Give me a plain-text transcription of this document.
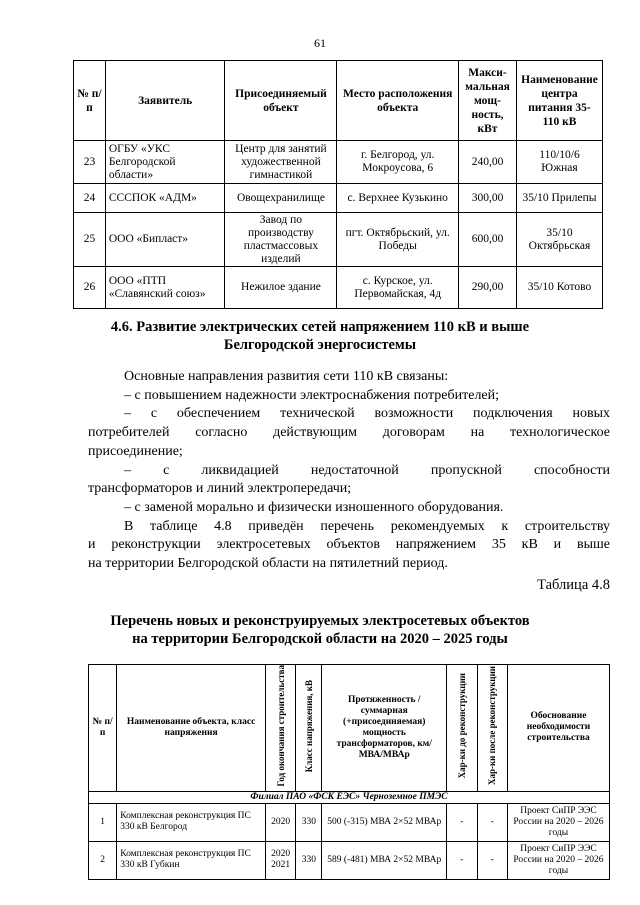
61
№ п/п	Заявитель	Присоединяемый объект	Место расположения объекта	Макси-мальная мощ-ность, кВт	Наименование центра питания 35-110 кВ
23	ОГБУ «УКС Белгородской области»	Центр для занятий художественной гимнастикой	г. Белгород, ул. Мокроусова, 6	240,00	110/10/6 Южная
24	СССПОК «АДМ»	Овощехранилище	с. Верхнее Кузькино	300,00	35/10 Прилепы
25	ООО «Бипласт»	Завод по производству пластмассовых изделий	пгт. Октябрьский, ул. Победы	600,00	35/10 Октябрьская
26	ООО «ПТП «Славянский союз»	Нежилое здание	с. Курское, ул. Первомайская, 4д	290,00	35/10 Котово
4.6. Развитие электрических сетей напряжением 110 кВ и выше
Белгородской энергосистемы
Основные направления развития сети 110 кВ связаны:
– с повышением надежности электроснабжения потребителей;
– с обеспечением технической возможности подключения новых
потребителей согласно действующим договорам на технологическое
присоединение;
– с ликвидацией недостаточной пропускной способности
трансформаторов и линий электропередачи;
– с заменой морально и физически изношенного оборудования.
В таблице 4.8 приведён перечень рекомендуемых к строительству
и реконструкции электросетевых объектов напряжением 35 кВ и выше
на территории Белгородской области на пятилетний период.
Таблица 4.8
Перечень новых и реконструируемых электросетевых объектов
на территории Белгородской области на 2020 – 2025 годы
№ п/п	Наименование объекта, класс напряжения	Год окончания строительства	Класс напряжения, кВ	Протяженность / суммарная (+присоединяемая) мощность трансформаторов, км/МВА/МВАр	Хар-ки до реконструкции	Хар-ки после реконструкции	Обоснование необходимости строительства
Филиал ПАО «ФСК ЕЭС» Черноземное ПМЭС							
1	Комплексная реконструкция ПС 330 кВ Белгород	2020	330	500 (-315) МВА 2×52 МВАр	-	-	Проект СиПР ЭЭС России на 2020 – 2026 годы
2	Комплексная реконструкция ПС 330 кВ Губкин	2020 2021	330	589 (-481) МВА 2×52 МВАр	-	-	Проект СиПР ЭЭС России на 2020 – 2026 годы
